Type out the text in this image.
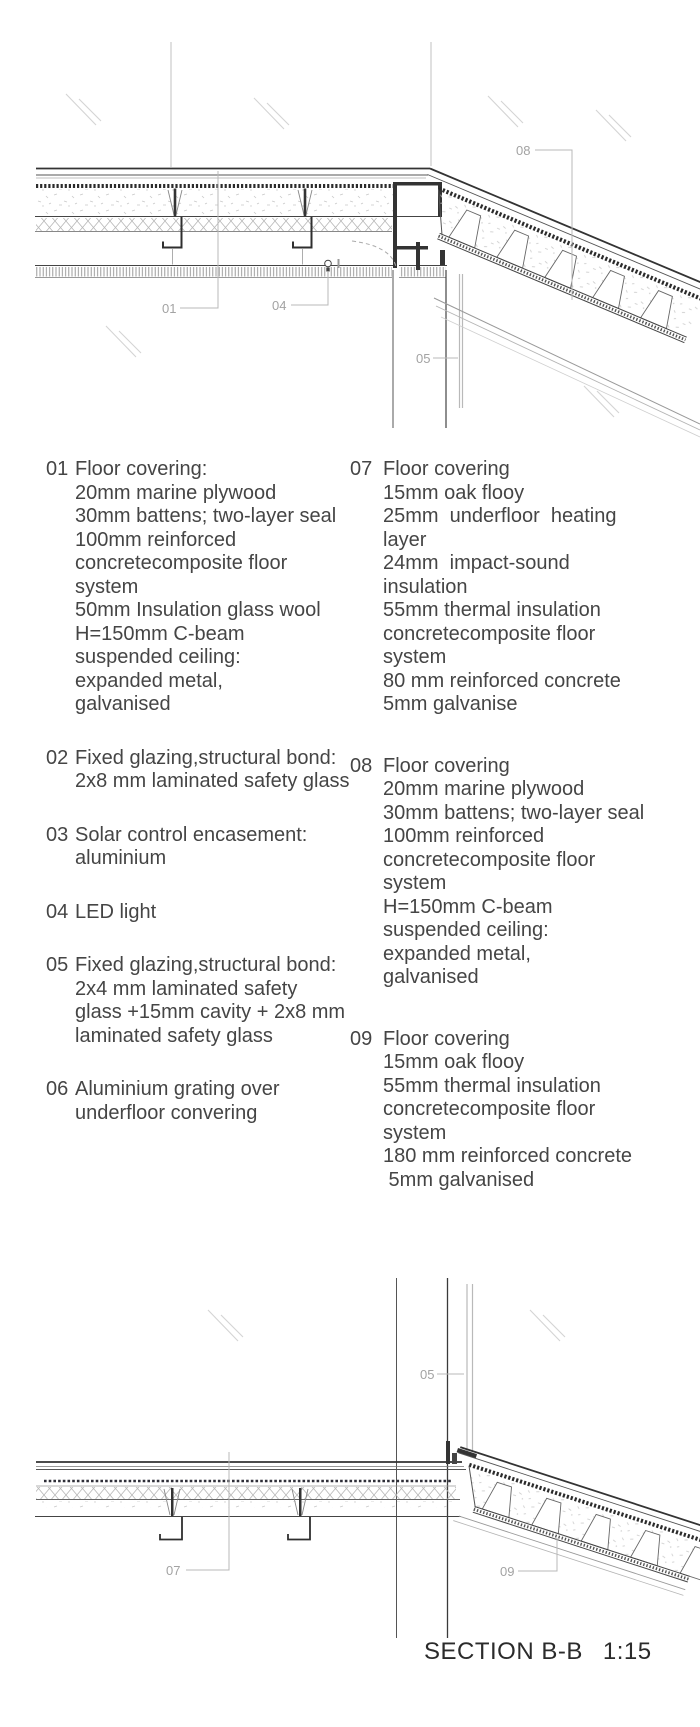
01	04
05
08
05
07	09
01 Floor covering:
20mm marine plywood
30mm battens; two-layer seal
100mm reinforced
concretecomposite floor
system
50mm Insulation glass wool
H=150mm C-beam
suspended ceiling:
expanded metal,
galvanised
02 Fixed glazing,structural bond:
2x8 mm laminated safety glass
03 Solar control encasement:
aluminium
04 LED light
05 Fixed glazing,structural bond:
2x4 mm laminated safety
glass +15mm cavity + 2x8 mm
laminated safety glass
06 Aluminium grating over
underfloor convering
07 Floor covering
15mm oak flooy
25mm  underfloor  heating
layer
24mm  impact-sound
insulation
55mm thermal insulation
concretecomposite floor
system
80 mm reinforced concrete
5mm galvanise
08 Floor covering
20mm marine plywood
30mm battens; two-layer seal
100mm reinforced
concretecomposite floor
system
H=150mm C-beam
suspended ceiling:
expanded metal,
galvanised
09 Floor covering
15mm oak flooy
55mm thermal insulation
concretecomposite floor
system
180 mm reinforced concrete
5mm galvanised
SECTION B-B 1:15
